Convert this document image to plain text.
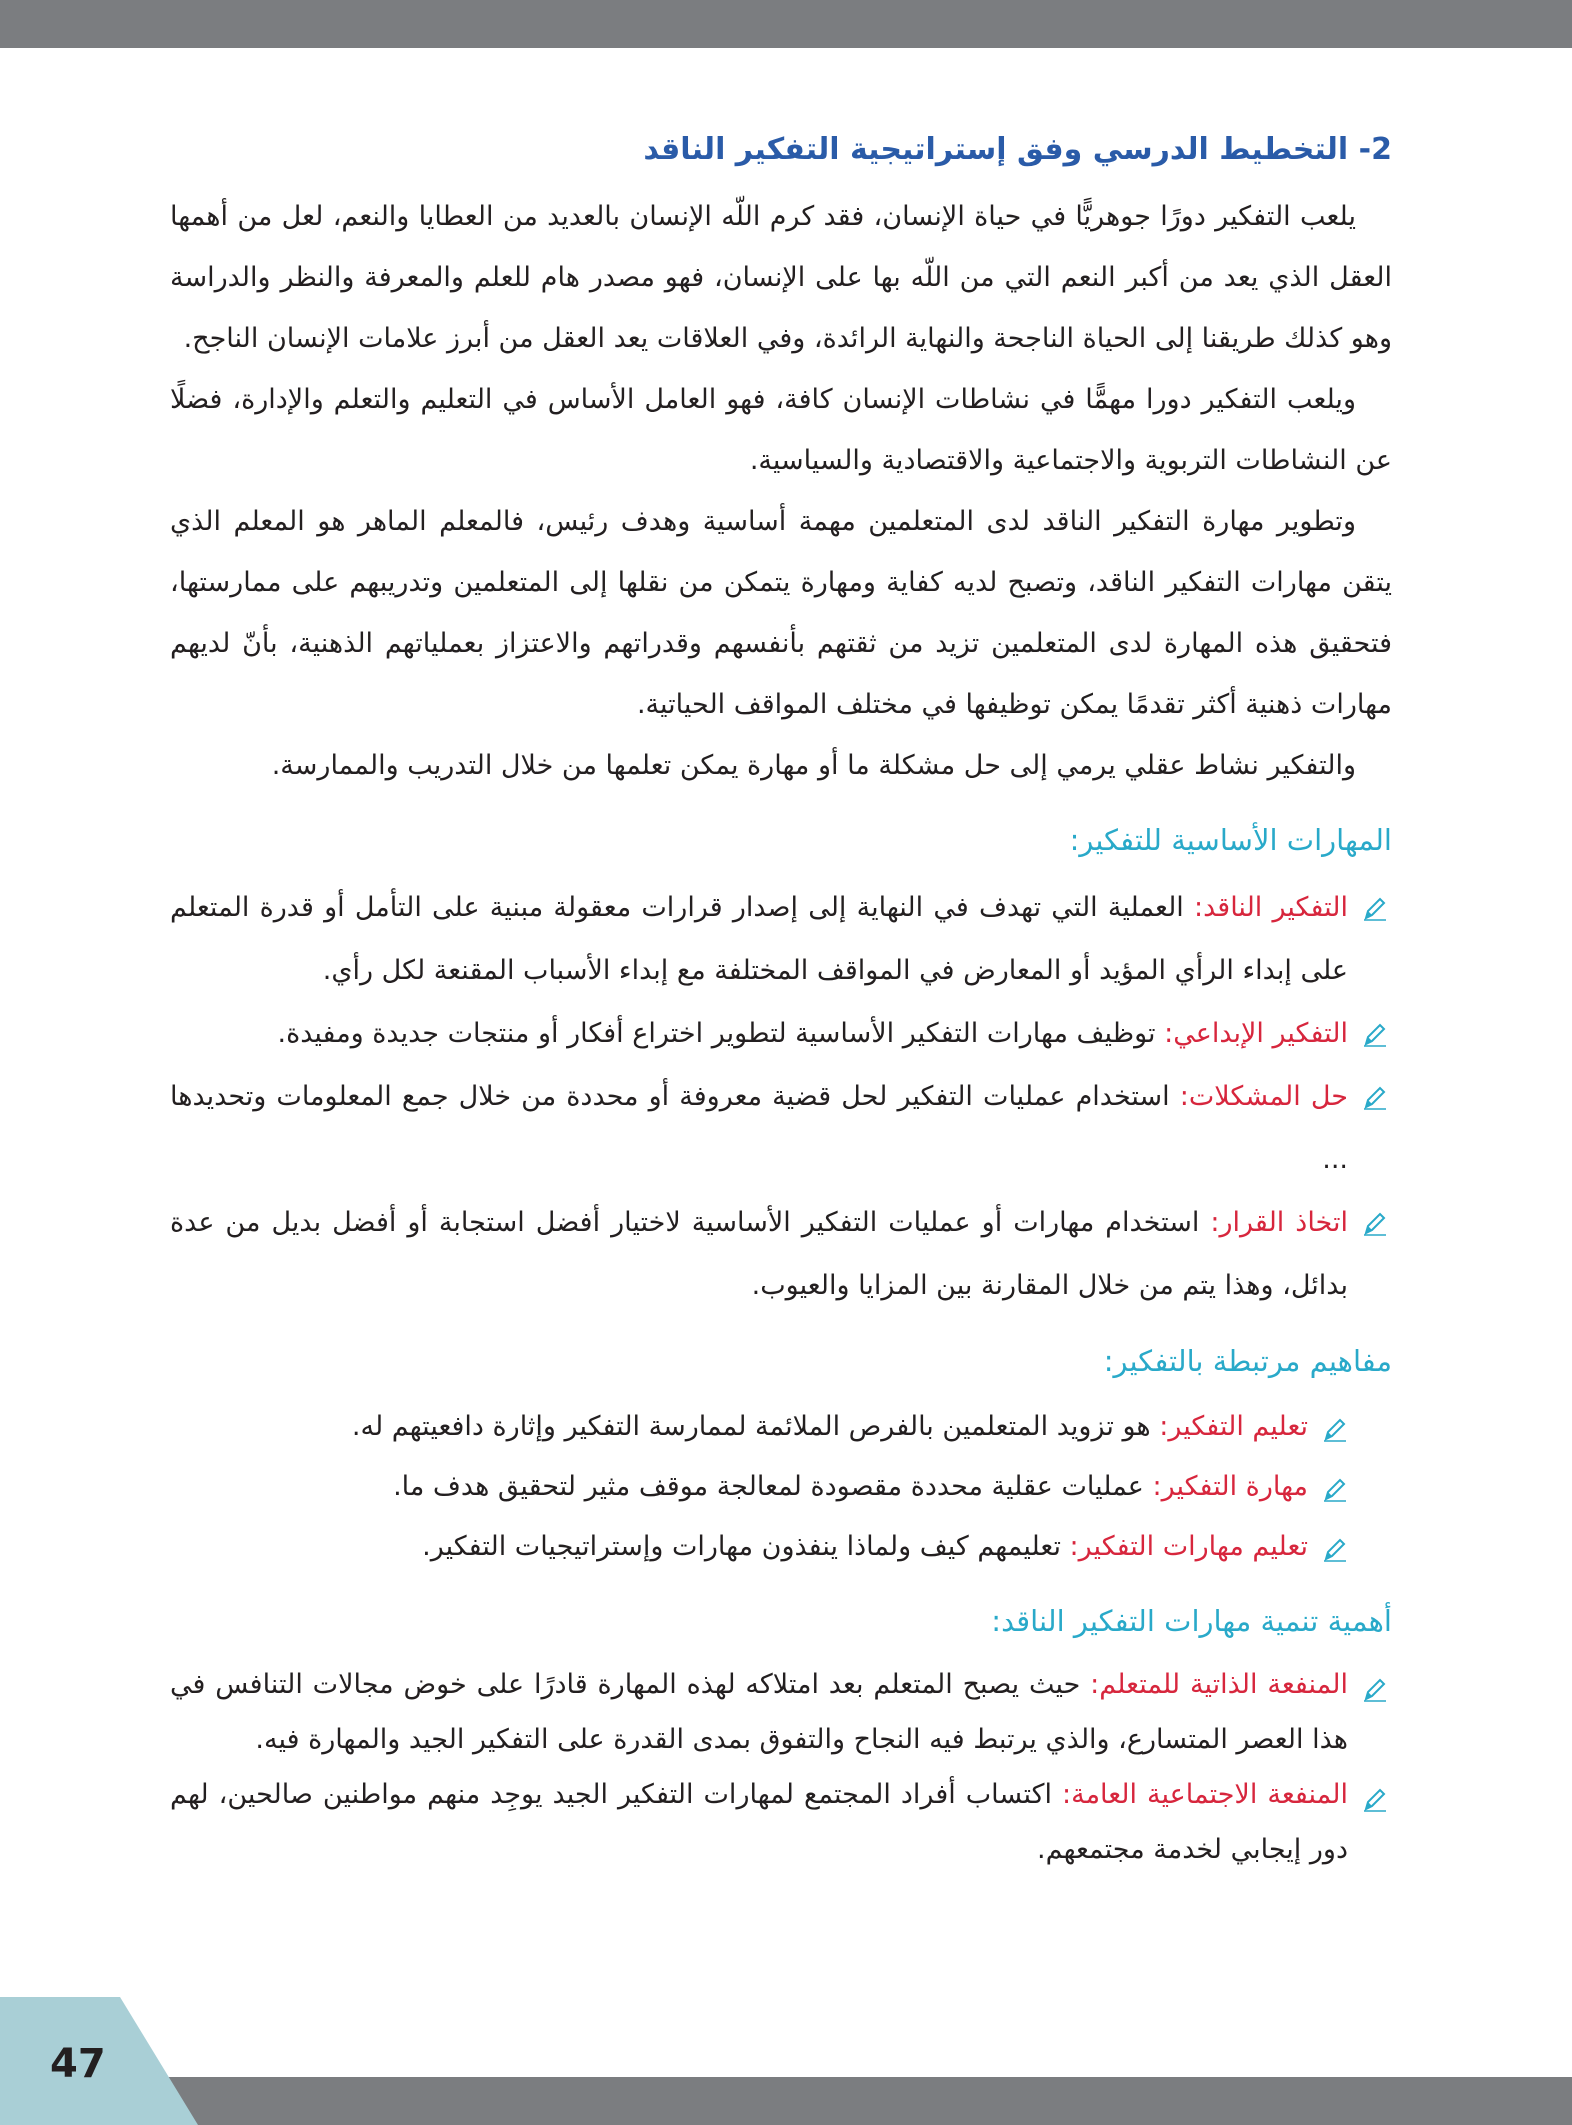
2- التخطيط الدرسي وفق إستراتيجية التفكير الناقد

يلعب التفكير دورًا جوهريًّا في حياة الإنسان، فقد كرم اللّه الإنسان بالعديد من العطايا والنعم، لعل من أهمها العقل الذي يعد من أكبر النعم التي من اللّه بها على الإنسان، فهو مصدر هام للعلم والمعرفة والنظر والدراسة وهو كذلك طريقنا إلى الحياة الناجحة والنهاية الرائدة، وفي العلاقات يعد العقل من أبرز علامات الإنسان الناجح.

ويلعب التفكير دورا مهمًّا في نشاطات الإنسان كافة، فهو العامل الأساس في التعليم والتعلم والإدارة، فضلًا عن النشاطات التربوية والاجتماعية والاقتصادية والسياسية.

وتطوير مهارة التفكير الناقد لدى المتعلمين مهمة أساسية وهدف رئيس، فالمعلم الماهر هو المعلم الذي يتقن مهارات التفكير الناقد، وتصبح لديه كفاية ومهارة يتمكن من نقلها إلى المتعلمين وتدريبهم على ممارستها، فتحقيق هذه المهارة لدى المتعلمين تزيد من ثقتهم بأنفسهم وقدراتهم والاعتزاز بعملياتهم الذهنية، بأنّ لديهم مهارات ذهنية أكثر تقدمًا يمكن توظيفها في مختلف المواقف الحياتية.

والتفكير نشاط عقلي يرمي إلى حل مشكلة ما أو مهارة يمكن تعلمها من خلال التدريب والممارسة.

المهارات الأساسية للتفكير:
التفكير الناقد: العملية التي تهدف في النهاية إلى إصدار قرارات معقولة مبنية على التأمل أو قدرة المتعلم على إبداء الرأي المؤيد أو المعارض في المواقف المختلفة مع إبداء الأسباب المقنعة لكل رأي.
التفكير الإبداعي: توظيف مهارات التفكير الأساسية لتطوير اختراع أفكار أو منتجات جديدة ومفيدة.
حل المشكلات: استخدام عمليات التفكير لحل قضية معروفة أو محددة من خلال جمع المعلومات وتحديدها ...
اتخاذ القرار: استخدام مهارات أو عمليات التفكير الأساسية لاختيار أفضل استجابة أو أفضل بديل من عدة بدائل، وهذا يتم من خلال المقارنة بين المزايا والعيوب.
مفاهيم مرتبطة بالتفكير:
تعليم التفكير: هو تزويد المتعلمين بالفرص الملائمة لممارسة التفكير وإثارة دافعيتهم له.
مهارة التفكير: عمليات عقلية محددة مقصودة لمعالجة موقف مثير لتحقيق هدف ما.
تعليم مهارات التفكير: تعليمهم كيف ولماذا ينفذون مهارات وإستراتيجيات التفكير.
أهمية تنمية مهارات التفكير الناقد:
المنفعة الذاتية للمتعلم: حيث يصبح المتعلم بعد امتلاكه لهذه المهارة قادرًا على خوض مجالات التنافس في هذا العصر المتسارع، والذي يرتبط فيه النجاح والتفوق بمدى القدرة على التفكير الجيد والمهارة فيه.
المنفعة الاجتماعية العامة: اكتساب أفراد المجتمع لمهارات التفكير الجيد يوجِد منهم مواطنين صالحين، لهم دور إيجابي لخدمة مجتمعهم.
47
